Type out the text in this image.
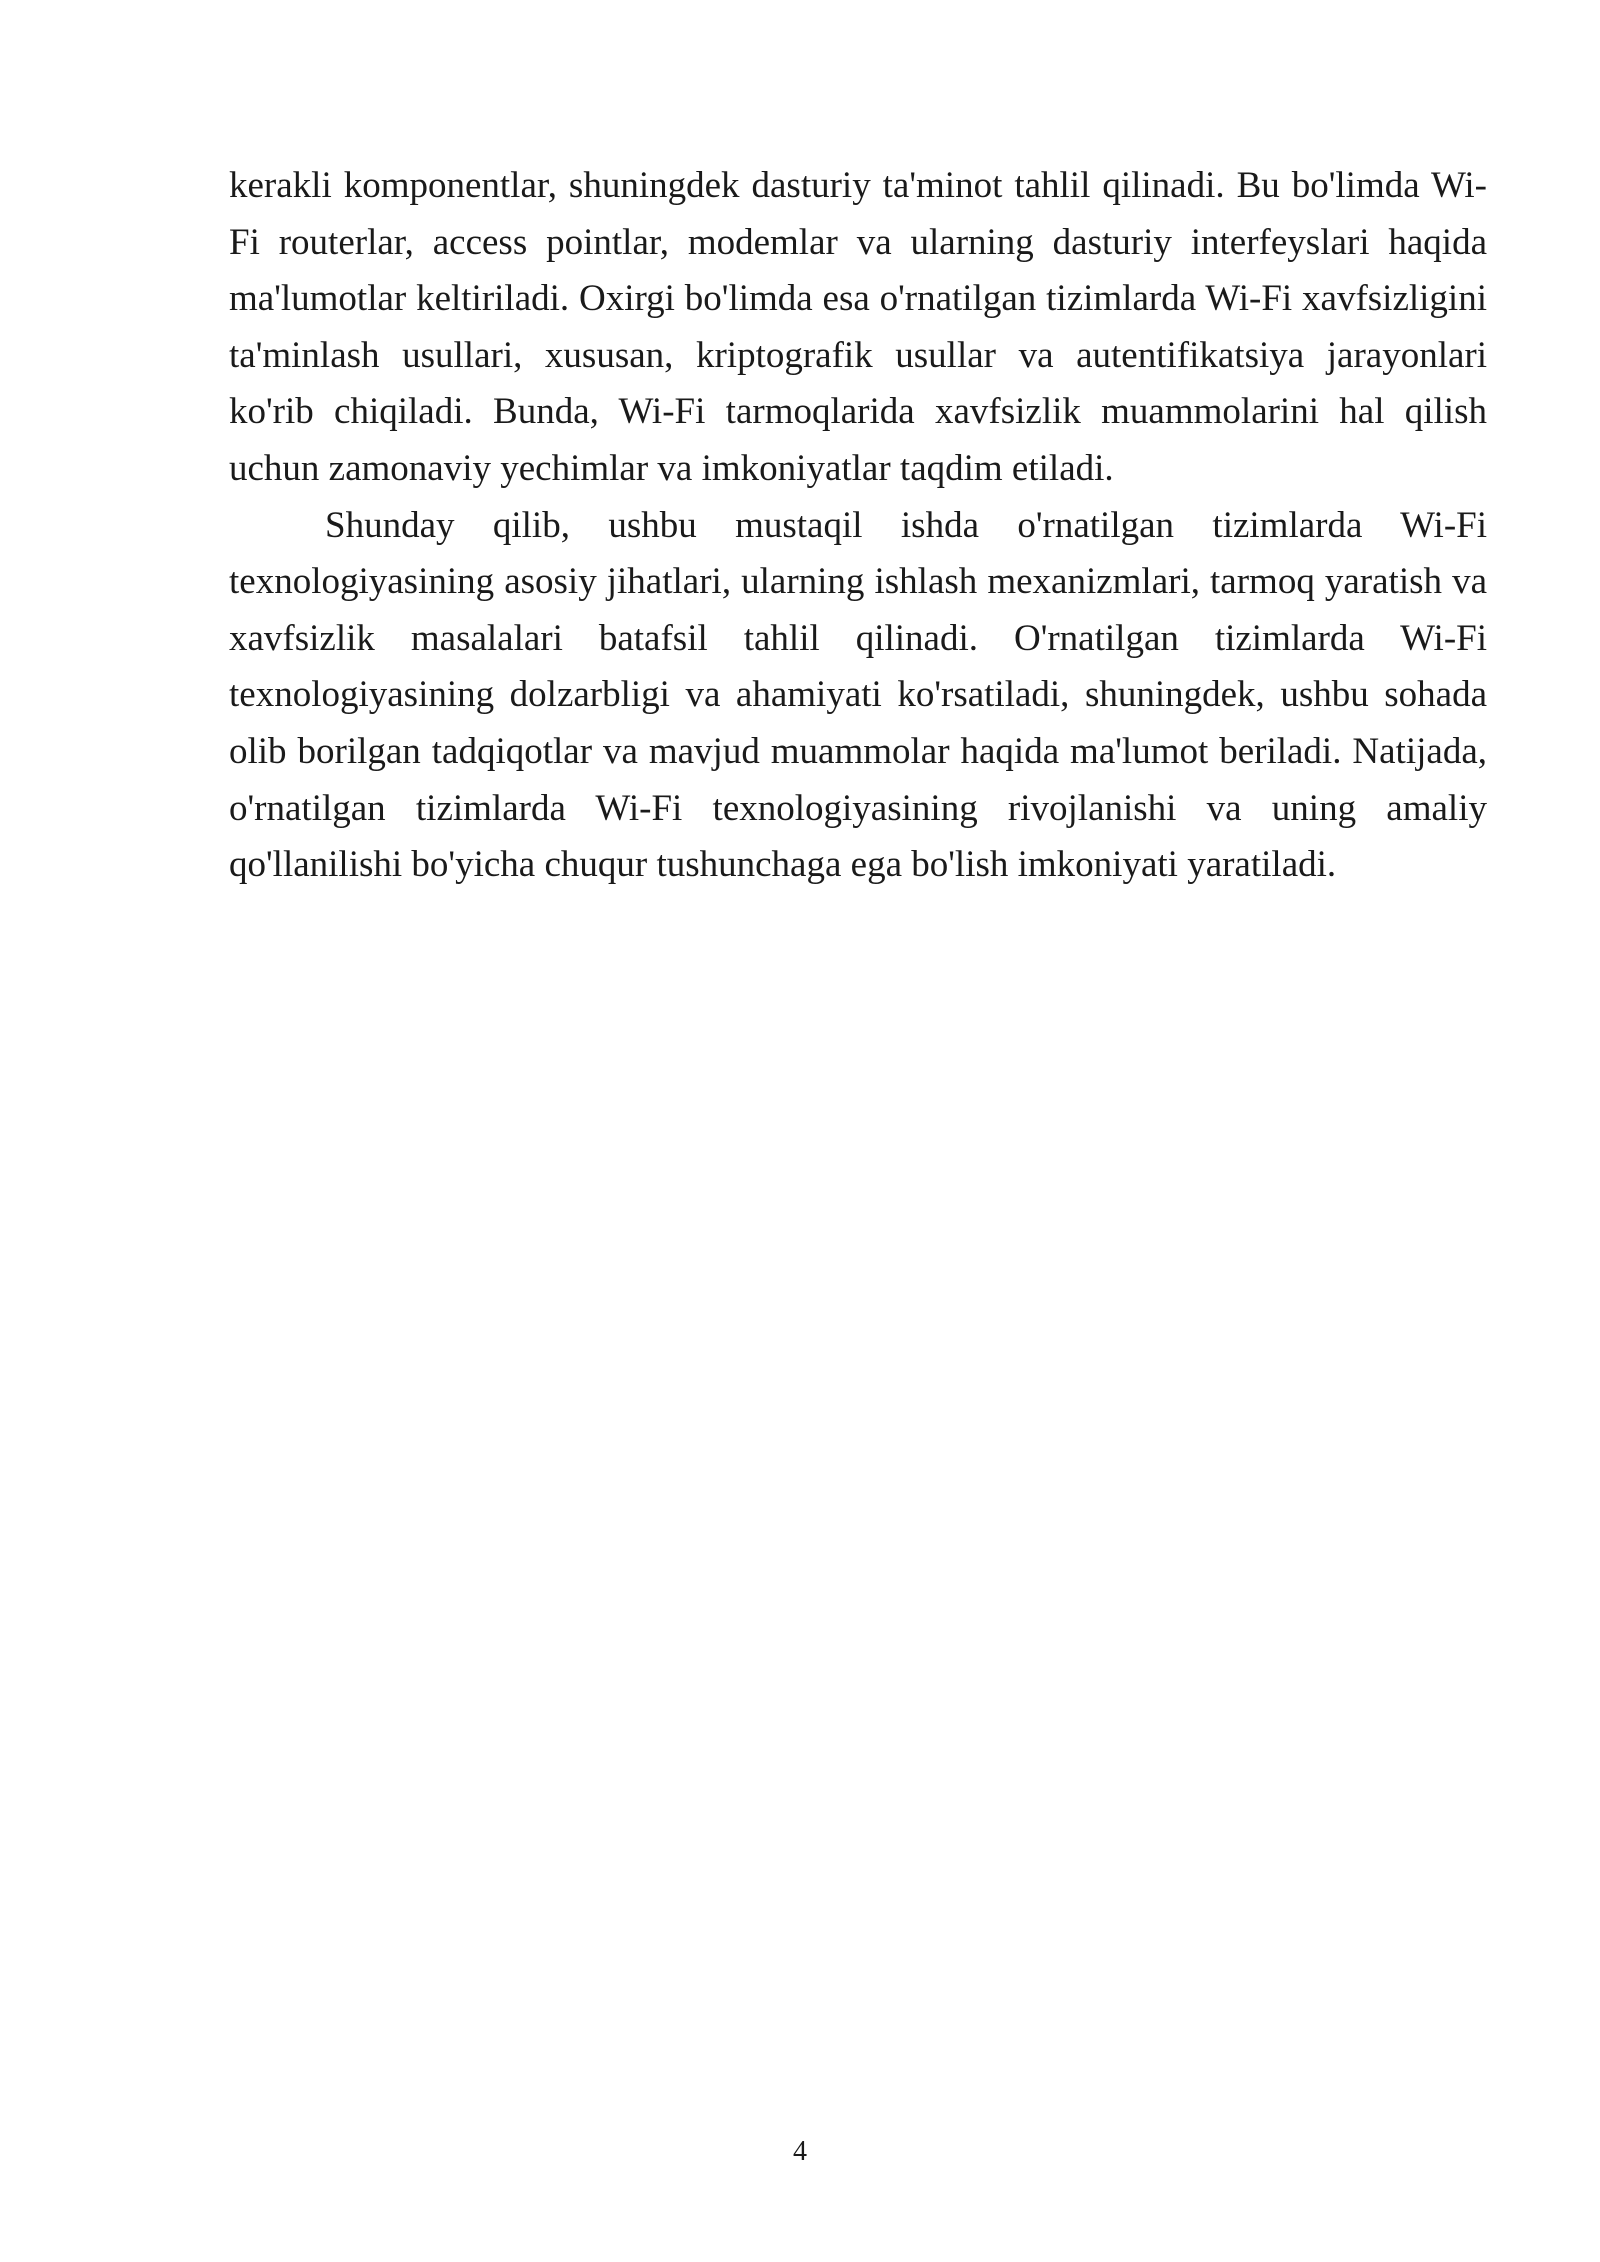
kerakli komponentlar, shuningdek dasturiy ta'minot tahlil qilinadi. Bu bo'limda Wi-Fi routerlar, access pointlar, modemlar va ularning dasturiy interfeyslari haqida ma'lumotlar keltiriladi. Oxirgi bo'limda esa o'rnatilgan tizimlarda Wi-Fi xavfsizligini ta'minlash usullari, xususan, kriptografik usullar va autentifikatsiya jarayonlari ko'rib chiqiladi. Bunda, Wi-Fi tarmoqlarida xavfsizlik muammolarini hal qilish uchun zamonaviy yechimlar va imkoniyatlar taqdim etiladi.

Shunday qilib, ushbu mustaqil ishda o'rnatilgan tizimlarda Wi-Fi texnologiyasining asosiy jihatlari, ularning ishlash mexanizmlari, tarmoq yaratish va xavfsizlik masalalari batafsil tahlil qilinadi. O'rnatilgan tizimlarda Wi-Fi texnologiyasining dolzarbligi va ahamiyati ko'rsatiladi, shuningdek, ushbu sohada olib borilgan tadqiqotlar va mavjud muammolar haqida ma'lumot beriladi. Natijada, o'rnatilgan tizimlarda Wi-Fi texnologiyasining rivojlanishi va uning amaliy qo'llanilishi bo'yicha chuqur tushunchaga ega bo'lish imkoniyati yaratiladi.

4
